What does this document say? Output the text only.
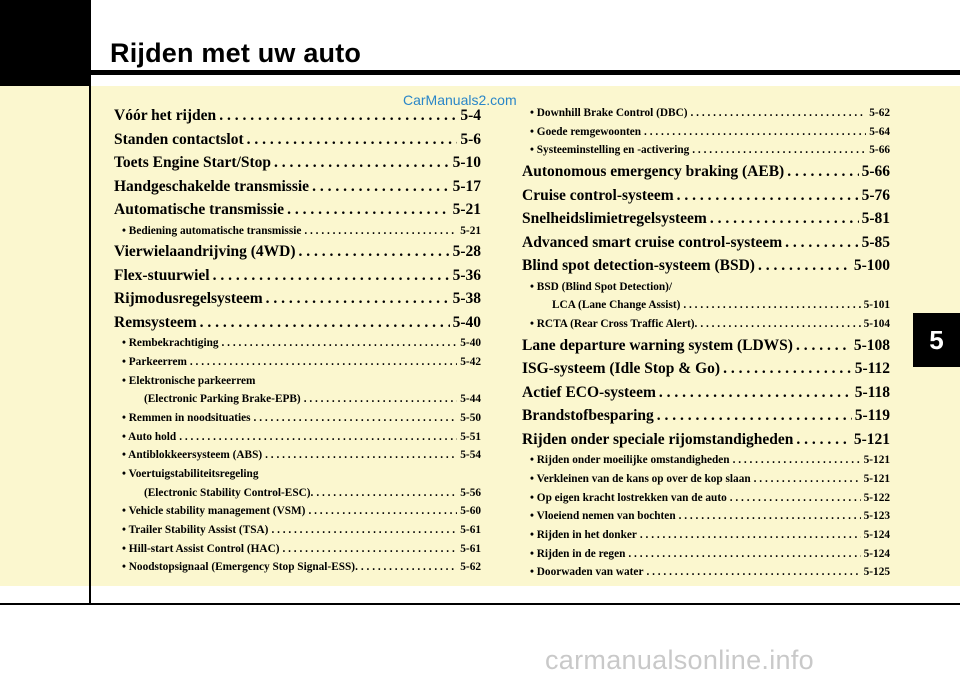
Rijden met uw auto
5
Vóór het rijden . . .	5-4
Standen contactslot . . .	5-6
Toets Engine Start/Stop . . .	5-10
Handgeschakelde transmissie . . .	5-17
Automatische transmissie . . .	5-21
• Bediening automatische transmissie . . .	5-21
Vierwielaandrijving (4WD) . . .	5-28
Flex-stuurwiel . . .	5-36
Rijmodusregelsysteem . . .	5-38
Remsysteem . . .	5-40
• Rembekrachtiging . . .	5-40
• Parkeerrem . . .	5-42
• Elektronische parkeerrem
(Electronic Parking Brake-EPB) . . .	5-44
• Remmen in noodsituaties . . .	5-50
• Auto hold . . .	5-51
• Antiblokkeersysteem (ABS) . . .	5-54
• Voertuigstabiliteitsregeling
(Electronic Stability Control-ESC). . . .	5-56
• Vehicle stability management (VSM) . . .	5-60
• Trailer Stability Assist (TSA) . . .	5-61
• Hill-start Assist Control (HAC) . . .	5-61
• Noodstopsignaal (Emergency Stop Signal-ESS). . . .	5-62
• Downhill Brake Control (DBC) . . .	5-62
• Goede remgewoonten . . .	5-64
• Systeeminstelling en -activering . . .	5-66
Autonomous emergency braking (AEB) . . .	5-66
Cruise control-systeem . . .	5-76
Snelheidslimietregelsysteem . . .	5-81
Advanced smart cruise control-systeem . . .	5-85
Blind spot detection-systeem (BSD) . . .	5-100
• BSD (Blind Spot Detection)/
LCA (Lane Change Assist) . . .	5-101
• RCTA (Rear Cross Traffic Alert). . . .	5-104
Lane departure warning system (LDWS) . . .	5-108
ISG-systeem (Idle Stop & Go) . . .	5-112
Actief ECO-systeem . . .	5-118
Brandstofbesparing . . .	5-119
Rijden onder speciale rijomstandigheden . . .	5-121
• Rijden onder moeilijke omstandigheden . . .	5-121
• Verkleinen van de kans op over de kop slaan . . .	5-121
• Op eigen kracht lostrekken van de auto . . .	5-122
• Vloeiend nemen van bochten . . .	5-123
• Rijden in het donker . . .	5-124
• Rijden in de regen . . .	5-124
• Doorwaden van water . . .	5-125
CarManuals2.com
carmanualsonline.info
